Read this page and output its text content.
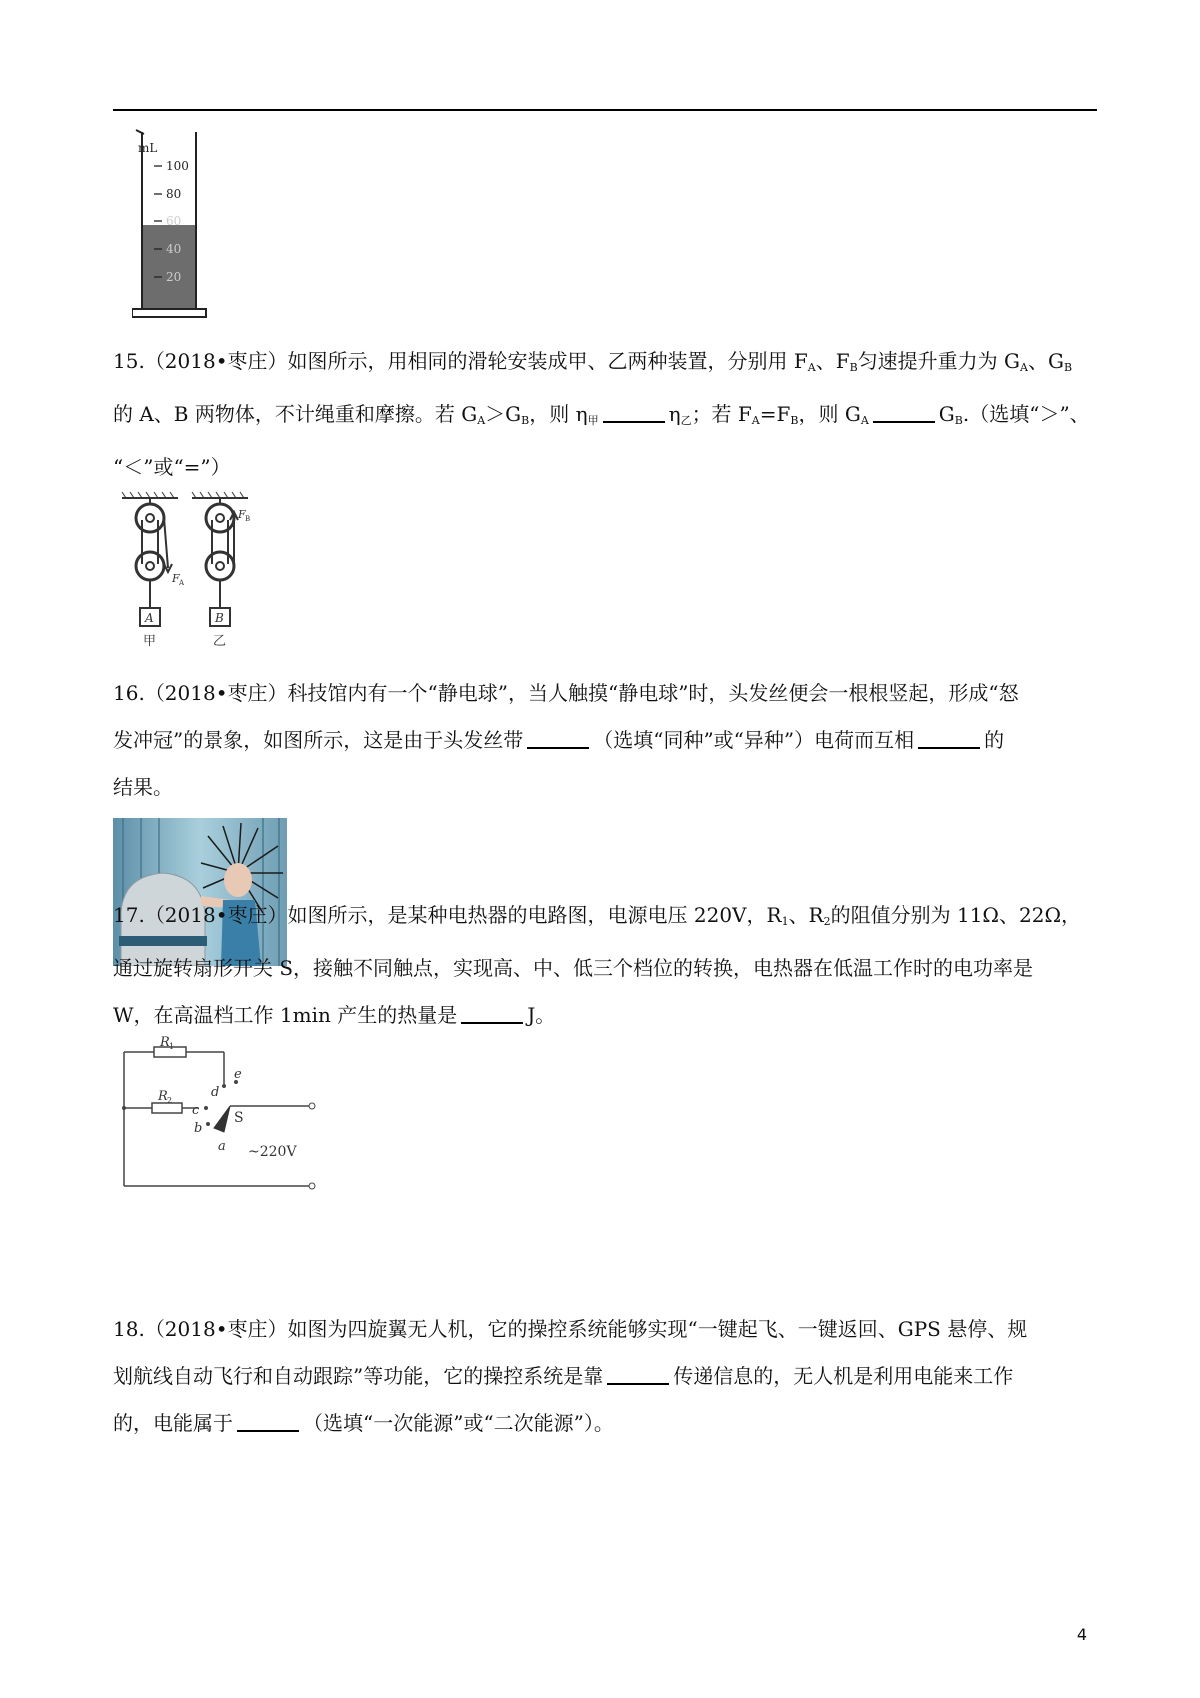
mL
100
80
60
40
20
15.（2018•枣庄）如图所示，用相同的滑轮安装成甲、乙两种装置，分别用 $F_A$、$F_B$匀速提升重力为 $G_A$、$G_B$
的 A、B 两物体，不计绳重和摩擦。若 $G_A>G_B$，则 $\eta_甲$	$\eta_乙$；若 $F_A=F_B$，则 $G_A$	$G_B$.（选填“＞”、
“＜”或“=”）
F A
F B
A	B
甲	乙
16.（2018•枣庄）科技馆内有一个“静电球”，当人触摸“静电球”时，头发丝便会一根根竖起，形成“怒
发冲冠”的景象，如图所示，这是由于头发丝带	（选填“同种”或“异种”）电荷而互相	的
结果。
17.（2018•枣庄）如图所示，是某种电热器的电路图，电源电压 220V，$R_1$、$R_2$的阻值分别为 11Ω、22Ω，
通过旋转扇形开关 S，接触不同触点，实现高、中、低三个档位的转换，电热器在低温工作时的电功率是
W，在高温档工作 1min 产生的热量是	J。
R 1
R 2
d
e
c
b
a
S
~220V
18.（2018•枣庄）如图为四旋翼无人机，它的操控系统能够实现“一键起飞、一键返回、GPS 悬停、规
划航线自动飞行和自动跟踪”等功能，它的操控系统是靠	传递信息的，无人机是利用电能来工作
的，电能属于	（选填“一次能源”或“二次能源”）。
4
